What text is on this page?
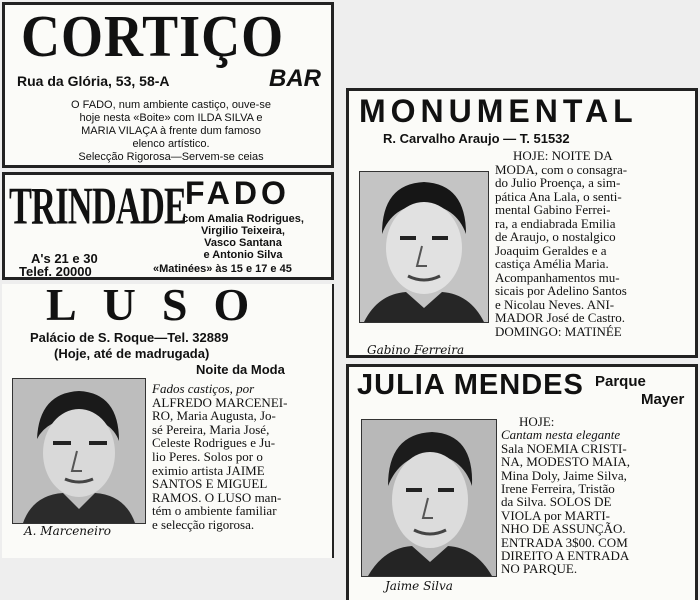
CORTIÇO
BAR
Rua da Glória, 53, 58-A
O FADO, num ambiente castiço, ouve-se
hoje nesta «Boite» com ILDA SILVA e
MARIA VILAÇA à frente dum famoso
elenco artístico.
Selecção Rigorosa—Servem-se ceias
TRINDADE
A's 21 e 30
Telef. 20000
FADO
com Amalia Rodrigues,
Virgilio Teixeira,
Vasco Santana
e Antonio Silva
«Matinées» às 15 e 17 e 45
LUSO
Palácio de S. Roque—Tel. 32889
(Hoje, até de madrugada)
Noite da Moda
A. Marceneiro
Fados castiços, por
ALFREDO MARCENEI-
RO, Maria Augusta, Jo-
sé Pereira, Maria José,
Celeste Rodrigues e Ju-
lio Peres. Solos por o
eximio artista JAIME
SANTOS E MIGUEL
RAMOS. O LUSO man-
tém o ambiente familiar
e selecção rigorosa.
MONUMENTAL
R. Carvalho Araujo — T. 51532
Gabino Ferreira
HOJE: NOITE DA
MODA, com o consagra-
do Julio Proença, a sim-
pática Ana Lala, o senti-
mental Gabino Ferrei-
ra, a endiabrada Emilia
de Araujo, o nostalgico
Joaquim Geraldes e a
castiça Amélia Maria.
Acompanhamentos mu-
sicais por Adelino Santos
e Nicolau Neves. ANI-
MADOR José de Castro.
DOMINGO: MATINÉE
JULIA MENDES Parque
Mayer
Jaime Silva
HOJE:
Cantam nesta elegante
Sala NOEMIA CRISTI-
NA, MODESTO MAIA,
Mina Doly, Jaime Silva,
Irene Ferreira, Tristão
da Silva. SOLOS DE
VIOLA por MARTI-
NHO DE ASSUNÇÃO.
ENTRADA 3$00. COM
DIREITO A ENTRADA
NO PARQUE.
